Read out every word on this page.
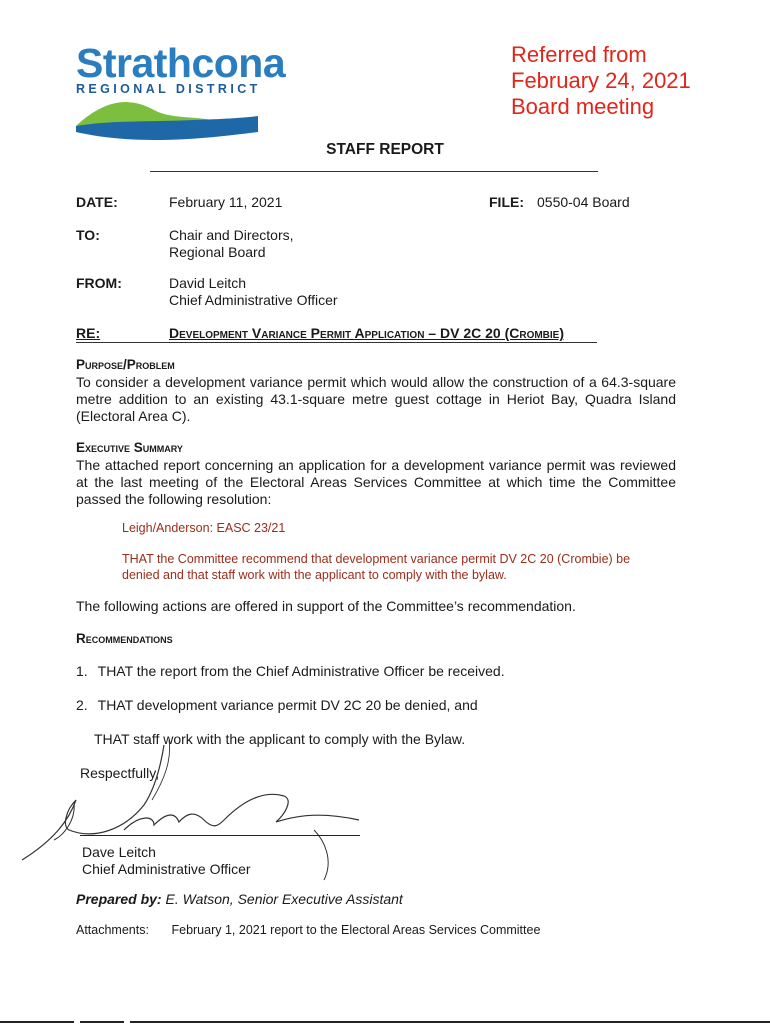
Strathcona
REGIONAL DISTRICT
Referred from
February 24, 2021
Board meeting
STAFF REPORT
DATE:	February 11, 2021	FILE: 0550-04 Board
TO:	Chair and Directors,
Regional Board
FROM:	David Leitch
Chief Administrative Officer
RE:	Development Variance Permit Application – DV 2C 20 (Crombie)
Purpose/Problem
To consider a development variance permit which would allow the construction of a 64.3-square metre addition to an existing 43.1-square metre guest cottage in Heriot Bay, Quadra Island (Electoral Area C).
Executive Summary
The attached report concerning an application for a development variance permit was reviewed at the last meeting of the Electoral Areas Services Committee at which time the Committee passed the following resolution:
Leigh/Anderson: EASC 23/21
THAT the Committee recommend that development variance permit DV 2C 20 (Crombie) be denied and that staff work with the applicant to comply with the bylaw.
The following actions are offered in support of the Committee’s recommendation.
Recommendations
1. THAT the report from the Chief Administrative Officer be received.
2. THAT development variance permit DV 2C 20 be denied, and
THAT staff work with the applicant to comply with the Bylaw.
Respectfully,
Dave Leitch
Chief Administrative Officer
Prepared by: E. Watson, Senior Executive Assistant
Attachments: February 1, 2021 report to the Electoral Areas Services Committee
